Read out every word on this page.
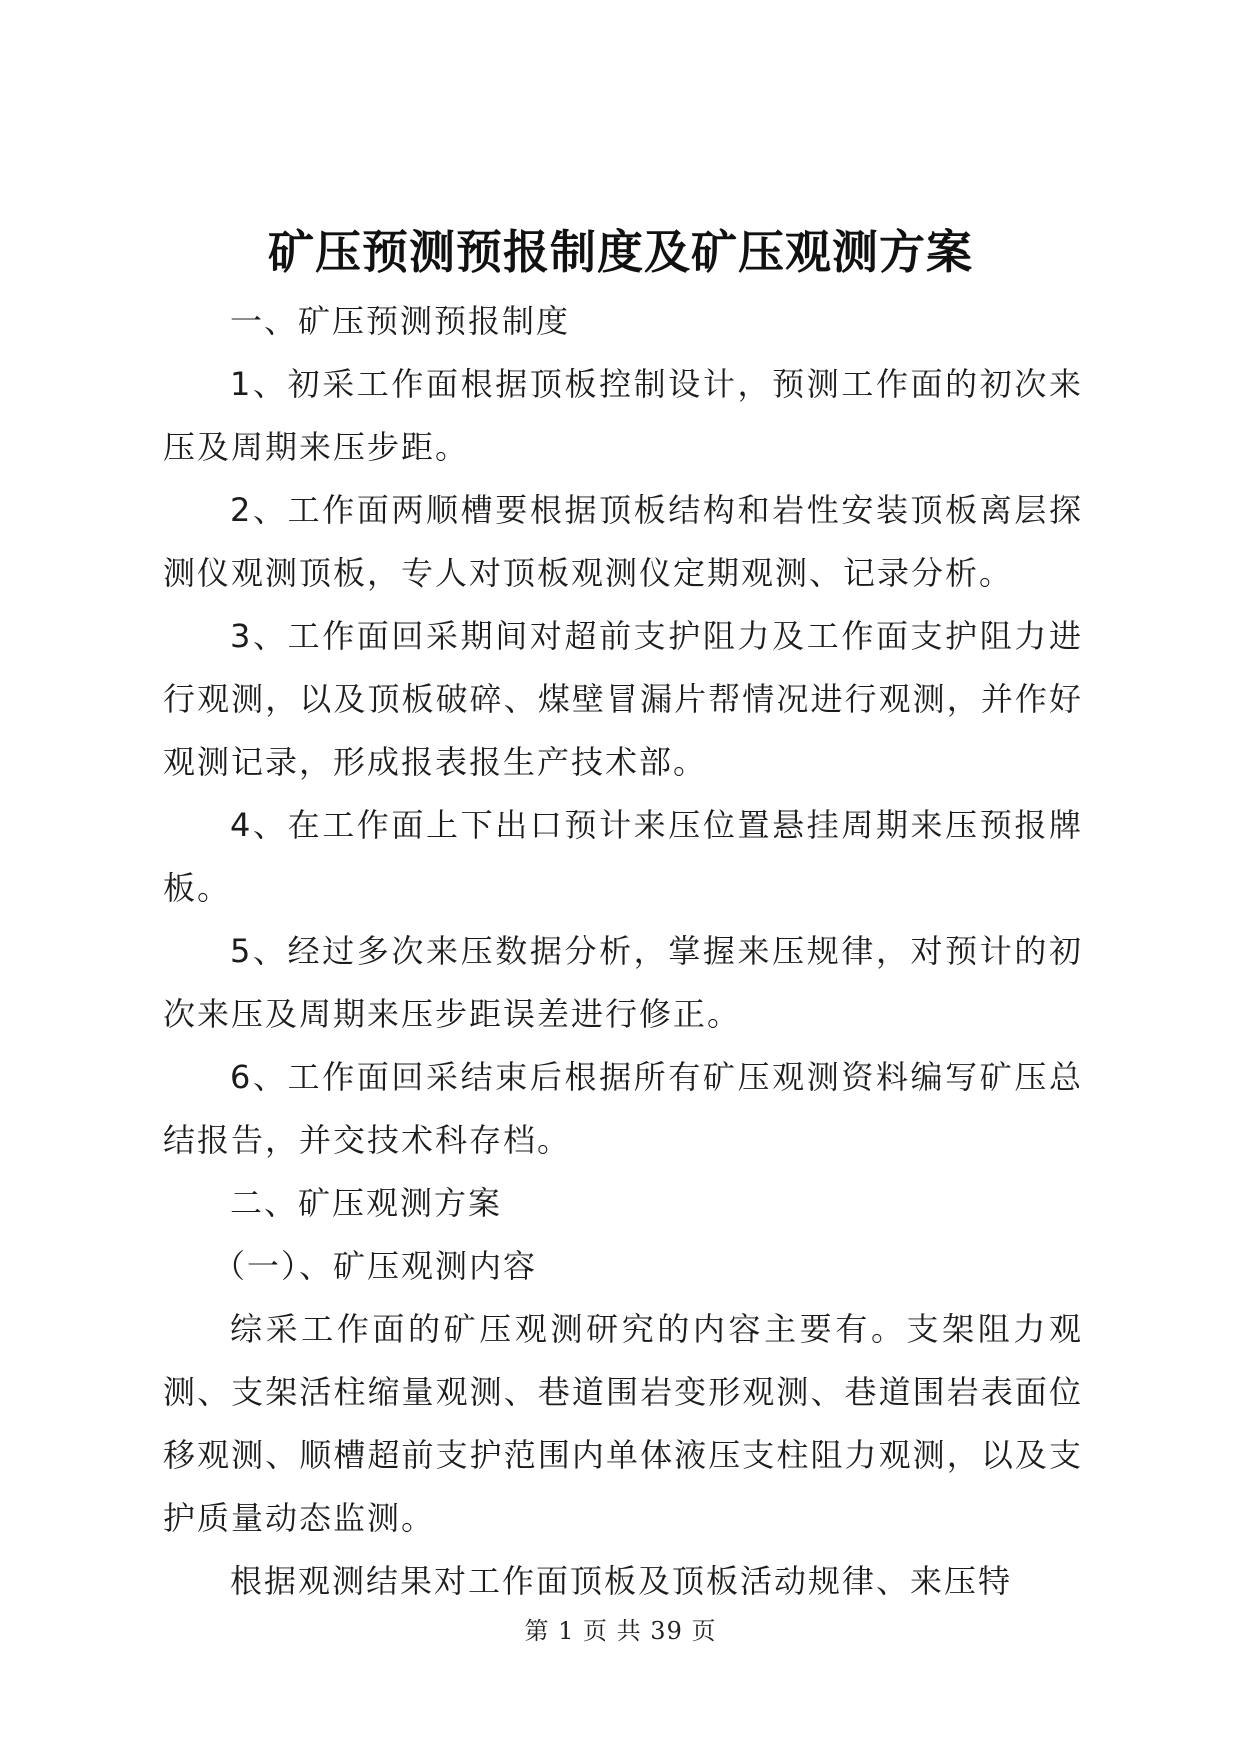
矿压预测预报制度及矿压观测方案

一、矿压预测预报制度

1、初采工作面根据顶板控制设计，预测工作面的初次来压及周期来压步距。

2、工作面两顺槽要根据顶板结构和岩性安装顶板离层探测仪观测顶板，专人对顶板观测仪定期观测、记录分析。

3、工作面回采期间对超前支护阻力及工作面支护阻力进行观测，以及顶板破碎、煤壁冒漏片帮情况进行观测，并作好观测记录，形成报表报生产技术部。

4、在工作面上下出口预计来压位置悬挂周期来压预报牌板。

5、经过多次来压数据分析，掌握来压规律，对预计的初次来压及周期来压步距误差进行修正。

6、工作面回采结束后根据所有矿压观测资料编写矿压总结报告，并交技术科存档。

二、矿压观测方案

（一）、矿压观测内容

综采工作面的矿压观测研究的内容主要有。支架阻力观测、支架活柱缩量观测、巷道围岩变形观测、巷道围岩表面位移观测、顺槽超前支护范围内单体液压支柱阻力观测，以及支护质量动态监测。

根据观测结果对工作面顶板及顶板活动规律、来压特

第 1 页 共 39 页
